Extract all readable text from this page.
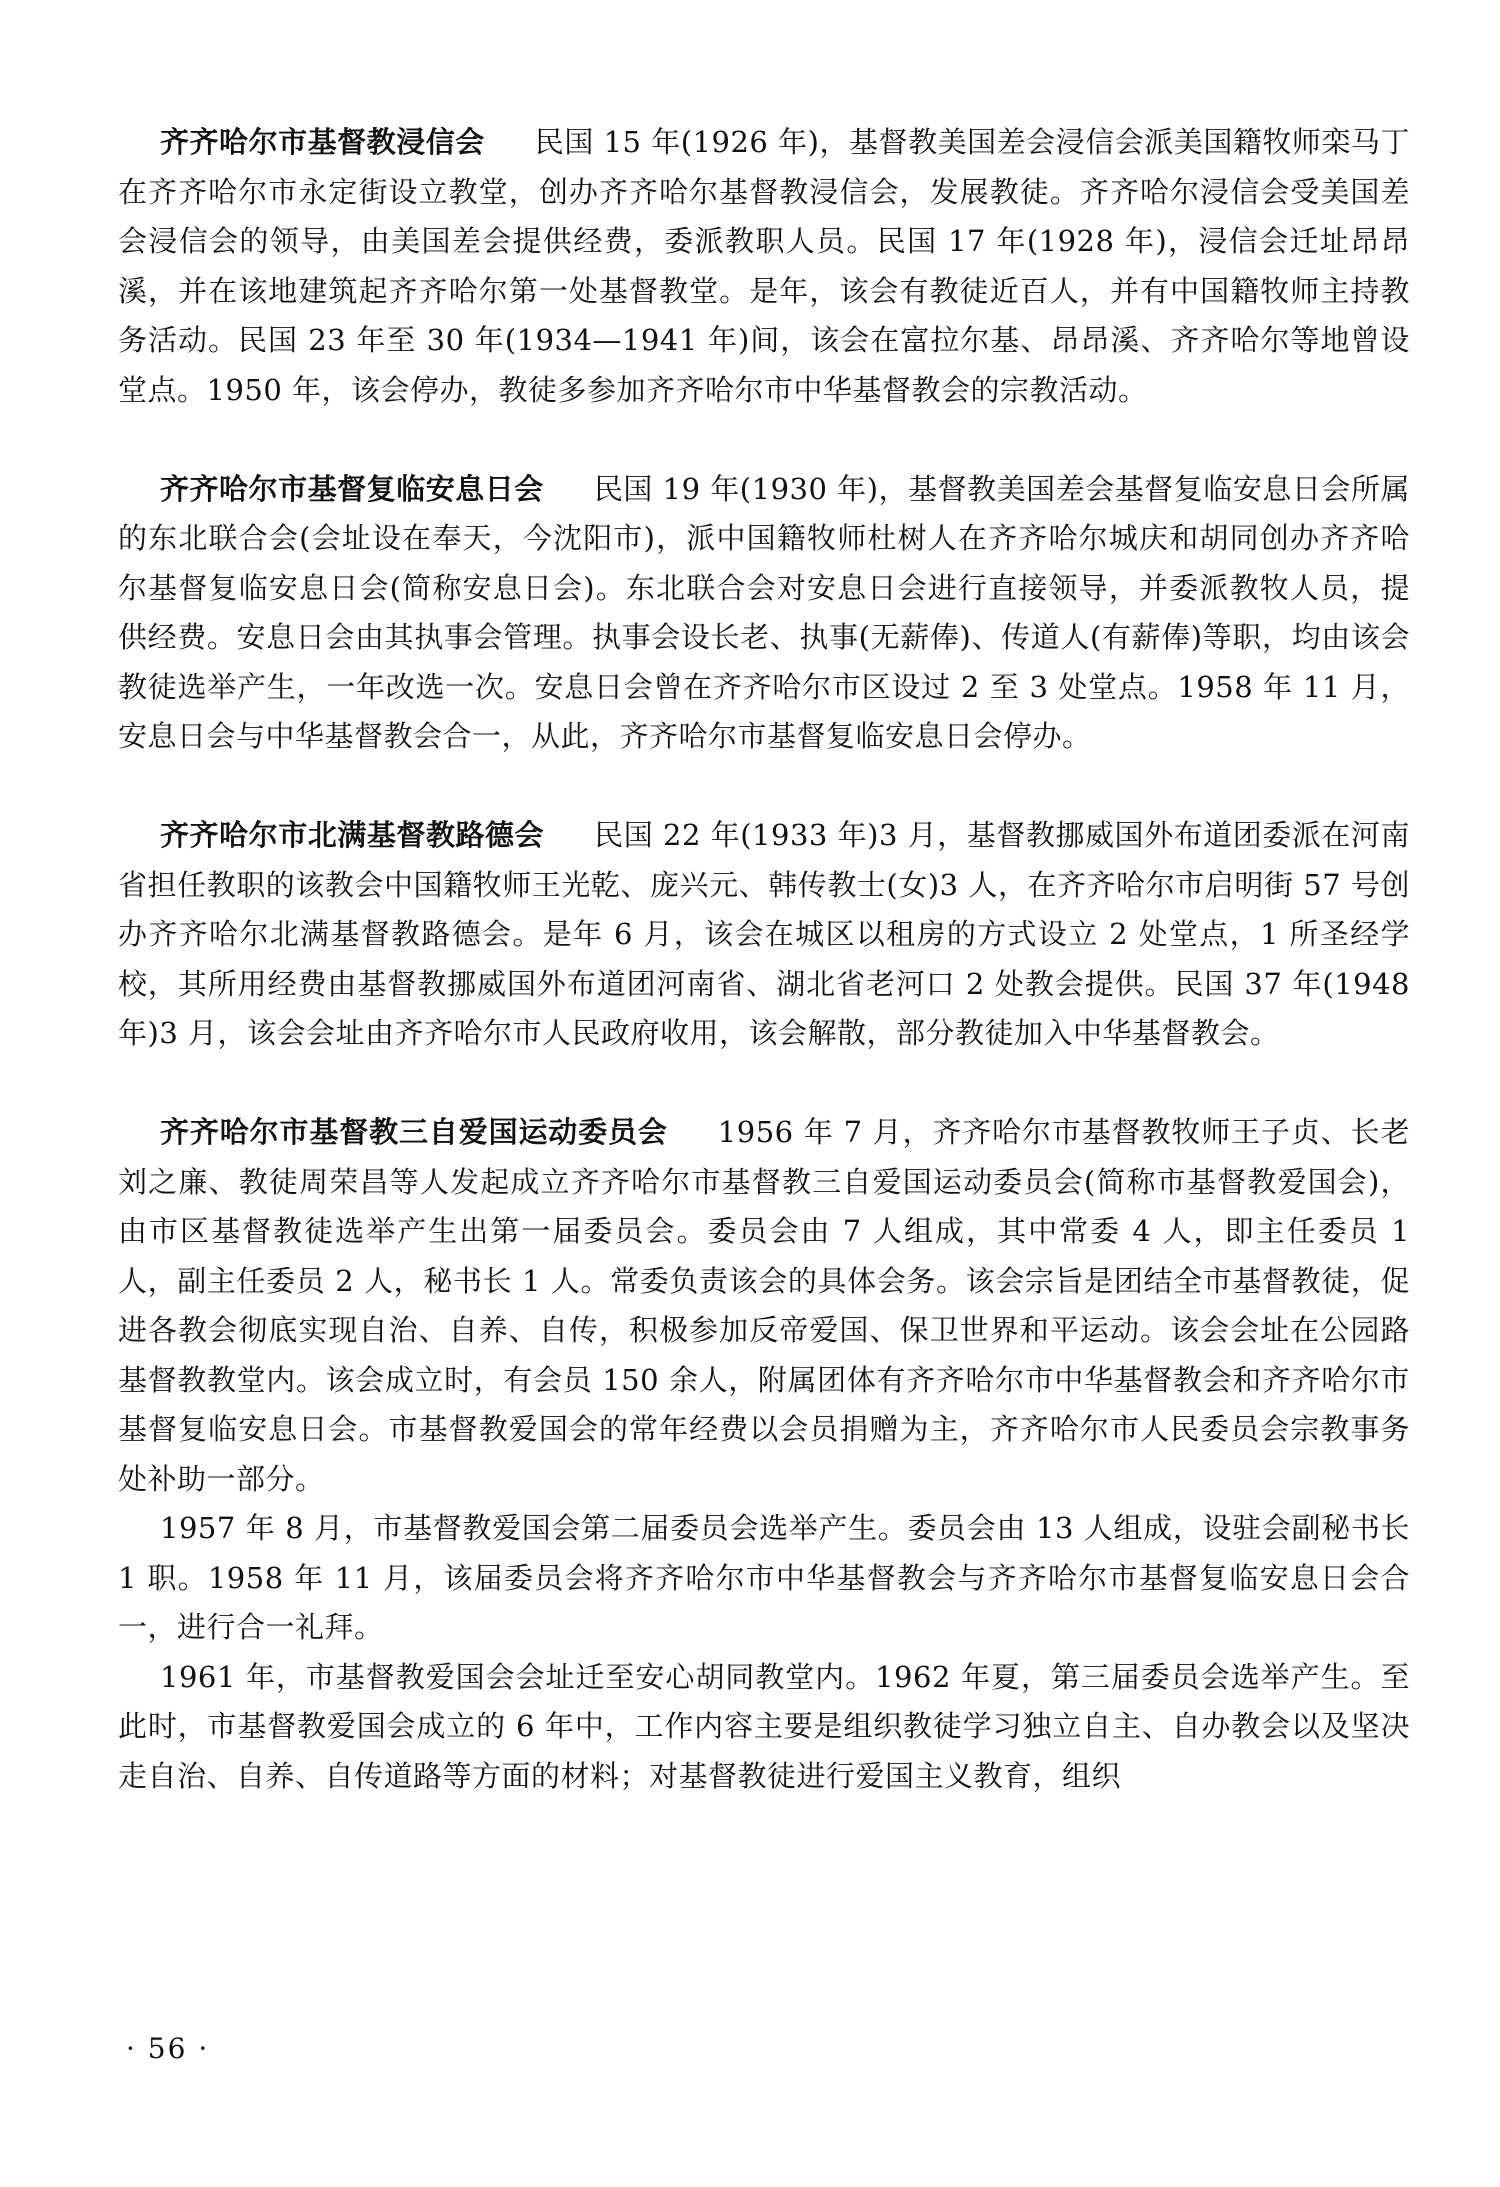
齐齐哈尔市基督教浸信会 民国 15 年(1926 年)，基督教美国差会浸信会派美国籍牧师栾马丁在齐齐哈尔市永定街设立教堂，创办齐齐哈尔基督教浸信会，发展教徒。齐齐哈尔浸信会受美国差会浸信会的领导，由美国差会提供经费，委派教职人员。民国 17 年(1928 年)，浸信会迁址昂昂溪，并在该地建筑起齐齐哈尔第一处基督教堂。是年，该会有教徒近百人，并有中国籍牧师主持教务活动。民国 23 年至 30 年(1934—1941 年)间，该会在富拉尔基、昂昂溪、齐齐哈尔等地曾设堂点。1950 年，该会停办，教徒多参加齐齐哈尔市中华基督教会的宗教活动。

齐齐哈尔市基督复临安息日会 民国 19 年(1930 年)，基督教美国差会基督复临安息日会所属的东北联合会(会址设在奉天，今沈阳市)，派中国籍牧师杜树人在齐齐哈尔城庆和胡同创办齐齐哈尔基督复临安息日会(简称安息日会)。东北联合会对安息日会进行直接领导，并委派教牧人员，提供经费。安息日会由其执事会管理。执事会设长老、执事(无薪俸)、传道人(有薪俸)等职，均由该会教徒选举产生，一年改选一次。安息日会曾在齐齐哈尔市区设过 2 至 3 处堂点。1958 年 11 月，安息日会与中华基督教会合一，从此，齐齐哈尔市基督复临安息日会停办。

齐齐哈尔市北满基督教路德会 民国 22 年(1933 年)3 月，基督教挪威国外布道团委派在河南省担任教职的该教会中国籍牧师王光乾、庞兴元、韩传教士(女)3 人，在齐齐哈尔市启明街 57 号创办齐齐哈尔北满基督教路德会。是年 6 月，该会在城区以租房的方式设立 2 处堂点，1 所圣经学校，其所用经费由基督教挪威国外布道团河南省、湖北省老河口 2 处教会提供。民国 37 年(1948 年)3 月，该会会址由齐齐哈尔市人民政府收用，该会解散，部分教徒加入中华基督教会。

齐齐哈尔市基督教三自爱国运动委员会 1956 年 7 月，齐齐哈尔市基督教牧师王子贞、长老刘之廉、教徒周荣昌等人发起成立齐齐哈尔市基督教三自爱国运动委员会(简称市基督教爱国会)，由市区基督教徒选举产生出第一届委员会。委员会由 7 人组成，其中常委 4 人，即主任委员 1 人，副主任委员 2 人，秘书长 1 人。常委负责该会的具体会务。该会宗旨是团结全市基督教徒，促进各教会彻底实现自治、自养、自传，积极参加反帝爱国、保卫世界和平运动。该会会址在公园路基督教教堂内。该会成立时，有会员 150 余人，附属团体有齐齐哈尔市中华基督教会和齐齐哈尔市基督复临安息日会。市基督教爱国会的常年经费以会员捐赠为主，齐齐哈尔市人民委员会宗教事务处补助一部分。

1957 年 8 月，市基督教爱国会第二届委员会选举产生。委员会由 13 人组成，设驻会副秘书长 1 职。1958 年 11 月，该届委员会将齐齐哈尔市中华基督教会与齐齐哈尔市基督复临安息日会合一，进行合一礼拜。

1961 年，市基督教爱国会会址迁至安心胡同教堂内。1962 年夏，第三届委员会选举产生。至此时，市基督教爱国会成立的 6 年中，工作内容主要是组织教徒学习独立自主、自办教会以及坚决走自治、自养、自传道路等方面的材料；对基督教徒进行爱国主义教育，组织

· 56 ·
